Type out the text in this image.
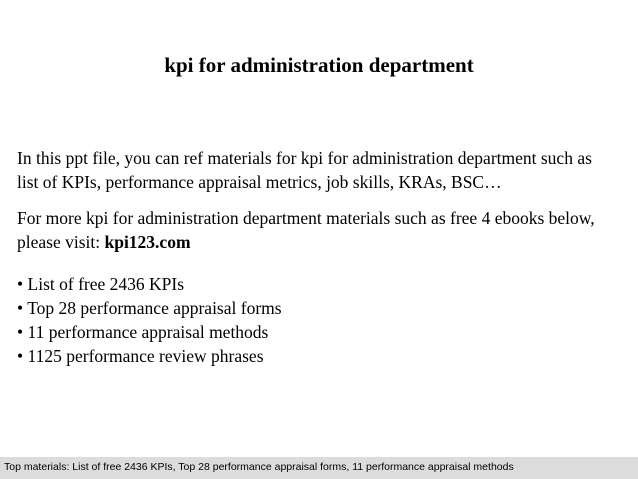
kpi for administration department

In this ppt file, you can ref materials for kpi for administration department such as list of KPIs, performance appraisal metrics, job skills, KRAs, BSC…

For more kpi for administration department materials such as free 4 ebooks below, please visit: kpi123.com

• List of free 2436 KPIs
• Top 28 performance appraisal forms
• 11 performance appraisal methods
• 1125 performance review phrases
Top materials: List of free 2436 KPIs, Top 28 performance appraisal forms, 11 performance appraisal methods
